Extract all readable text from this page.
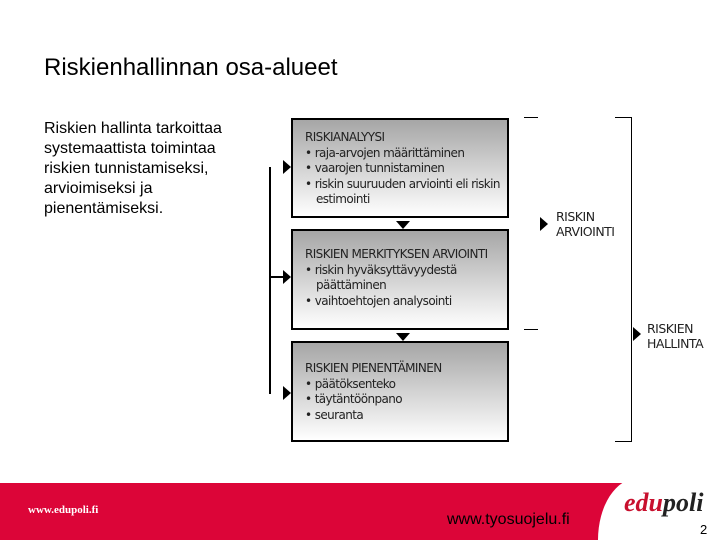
Riskienhallinnan osa-alueet
Riskien hallinta tarkoittaa systemaattista toimintaa riskien tunnistamiseksi, arvioimiseksi ja pienentämiseksi.
RISKIANALYYSI
• raja-arvojen määrittäminen
• vaarojen tunnistaminen
• riskin suuruuden arviointi eli riskin estimointi
RISKIEN MERKITYKSEN ARVIOINTI
• riskin hyväksyttävyydestä päättäminen
• vaihtoehtojen analysointi
RISKIEN PIENENTÄMINEN
• päätöksenteko
• täytäntöönpano
• seuranta
RISKIN
ARVIOINTI
RISKIEN
HALLINTA
www.edupoli.fi
www.tyosuojelu.fi
edupoli
2
